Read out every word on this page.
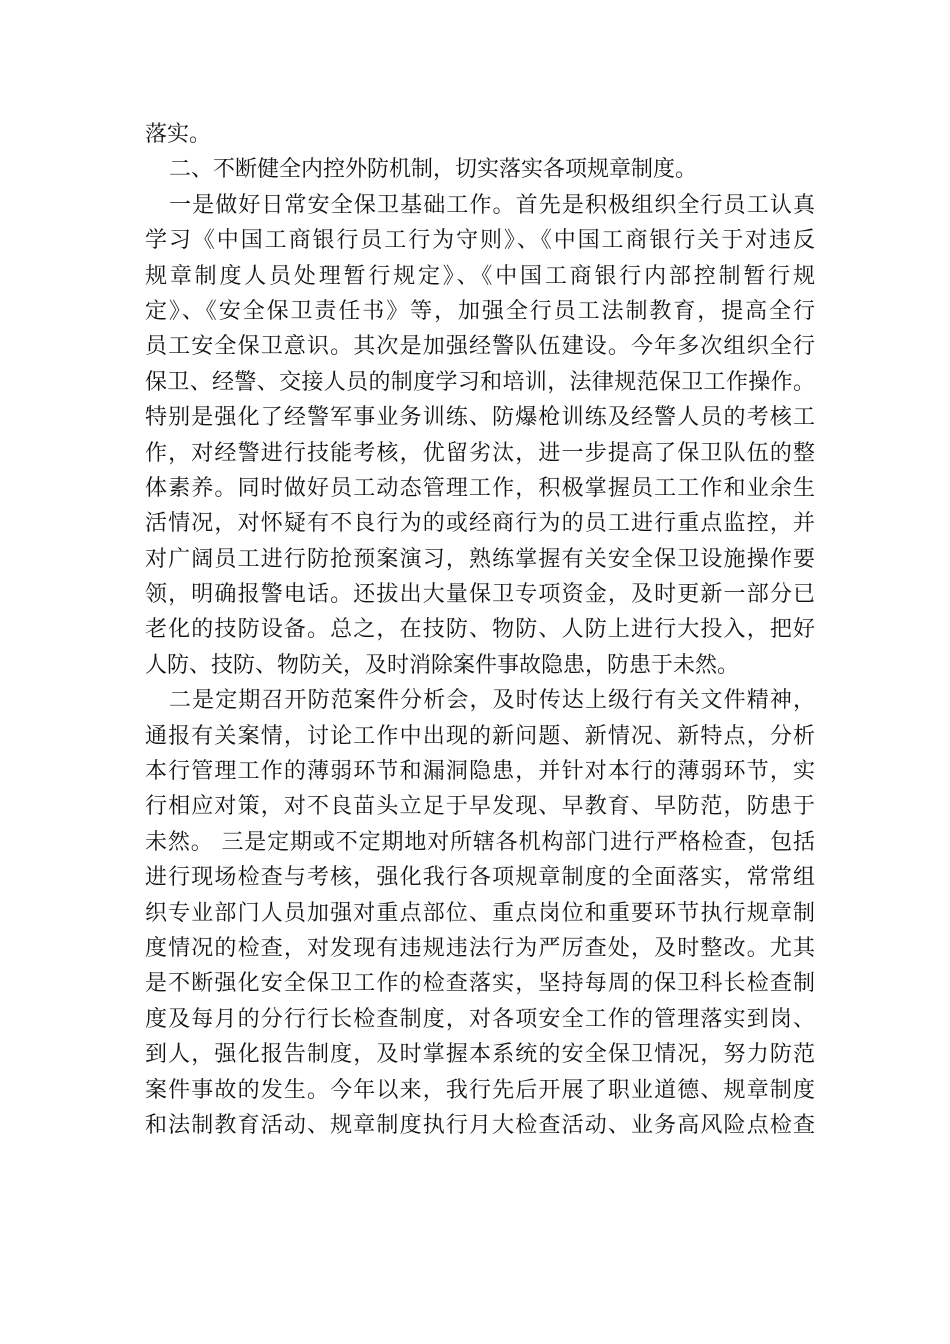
落实。
二、不断健全内控外防机制，切实落实各项规章制度。
一是做好日常安全保卫基础工作。首先是积极组织全行员工认真
学习《中国工商银行员工行为守则》、《中国工商银行关于对违反
规章制度人员处理暂行规定》、《中国工商银行内部控制暂行规
定》、《安全保卫责任书》等，加强全行员工法制教育，提高全行
员工安全保卫意识。其次是加强经警队伍建设。今年多次组织全行
保卫、经警、交接人员的制度学习和培训，法律规范保卫工作操作。
特别是强化了经警军事业务训练、防爆枪训练及经警人员的考核工
作，对经警进行技能考核，优留劣汰，进一步提高了保卫队伍的整
体素养。同时做好员工动态管理工作，积极掌握员工工作和业余生
活情况，对怀疑有不良行为的或经商行为的员工进行重点监控，并
对广阔员工进行防抢预案演习，熟练掌握有关安全保卫设施操作要
领，明确报警电话。还拔出大量保卫专项资金，及时更新一部分已
老化的技防设备。总之，在技防、物防、人防上进行大投入，把好
人防、技防、物防关，及时消除案件事故隐患，防患于未然。
二是定期召开防范案件分析会，及时传达上级行有关文件精神，
通报有关案情，讨论工作中出现的新问题、新情况、新特点，分析
本行管理工作的薄弱环节和漏洞隐患，并针对本行的薄弱环节，实
行相应对策，对不良苗头立足于早发现、早教育、早防范，防患于
未然。 三是定期或不定期地对所辖各机构部门进行严格检查，包括
进行现场检查与考核，强化我行各项规章制度的全面落实，常常组
织专业部门人员加强对重点部位、重点岗位和重要环节执行规章制
度情况的检查，对发现有违规违法行为严厉查处，及时整改。尤其
是不断强化安全保卫工作的检查落实，坚持每周的保卫科长检查制
度及每月的分行行长检查制度，对各项安全工作的管理落实到岗、
到人，强化报告制度，及时掌握本系统的安全保卫情况，努力防范
案件事故的发生。今年以来，我行先后开展了职业道德、规章制度
和法制教育活动、规章制度执行月大检查活动、业务高风险点检查
